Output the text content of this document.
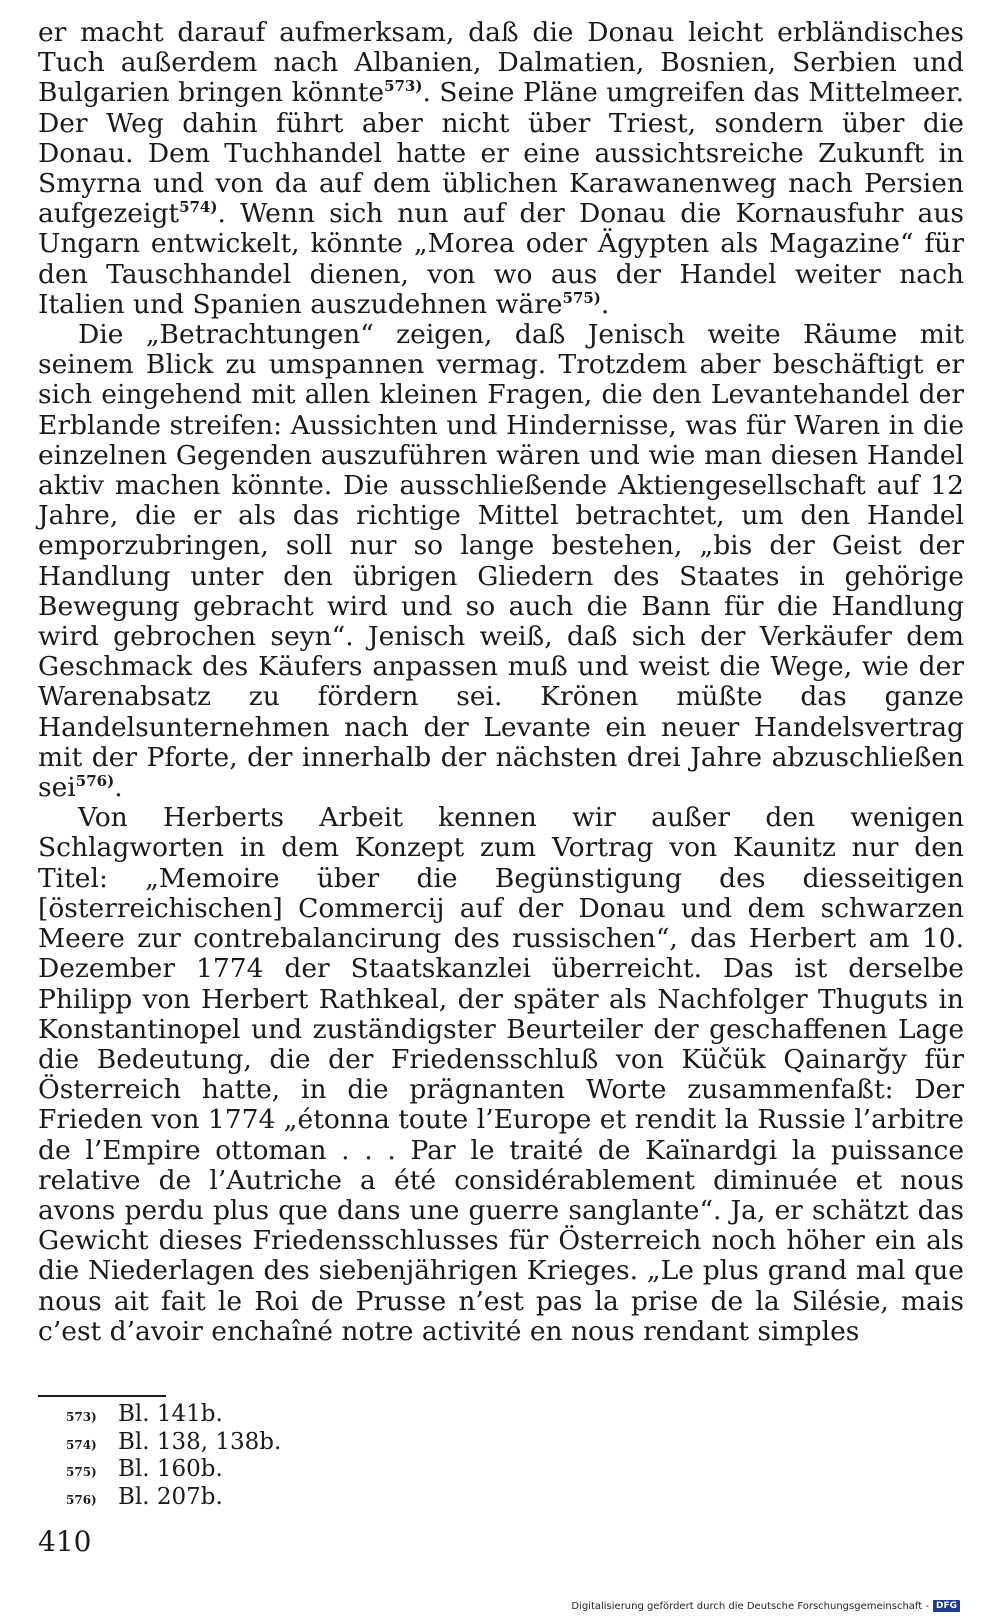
er macht darauf aufmerksam, daß die Donau leicht erbländisches Tuch außerdem nach Albanien, Dalmatien, Bosnien, Serbien und Bulgarien bringen könnte$^{573)}$. Seine Pläne umgreifen das Mittelmeer. Der Weg dahin führt aber nicht über Triest, sondern über die Donau. Dem Tuchhandel hatte er eine aussichtsreiche Zukunft in Smyrna und von da auf dem üblichen Karawanenweg nach Persien aufgezeigt$^{574)}$. Wenn sich nun auf der Donau die Kornausfuhr aus Ungarn entwickelt, könnte „Morea oder Ägypten als Magazine“ für den Tauschhandel dienen, von wo aus der Handel weiter nach Italien und Spanien auszudehnen wäre$^{575)}$.

Die „Betrachtungen“ zeigen, daß Jenisch weite Räume mit seinem Blick zu umspannen vermag. Trotzdem aber beschäftigt er sich eingehend mit allen kleinen Fragen, die den Levantehandel der Erblande streifen: Aussichten und Hindernisse, was für Waren in die einzelnen Gegenden auszuführen wären und wie man diesen Handel aktiv machen könnte. Die ausschließende Aktiengesellschaft auf 12 Jahre, die er als das richtige Mittel betrachtet, um den Handel emporzubringen, soll nur so lange bestehen, „bis der Geist der Handlung unter den übrigen Gliedern des Staates in gehörige Bewegung gebracht wird und so auch die Bann für die Handlung wird gebrochen seyn“. Jenisch weiß, daß sich der Verkäufer dem Geschmack des Käufers anpassen muß und weist die Wege, wie der Warenabsatz zu fördern sei. Krönen müßte das ganze Handelsunternehmen nach der Levante ein neuer Handelsvertrag mit der Pforte, der innerhalb der nächsten drei Jahre abzuschließen sei$^{576)}$.

Von Herberts Arbeit kennen wir außer den wenigen Schlagworten in dem Konzept zum Vortrag von Kaunitz nur den Titel: „Memoire über die Begünstigung des diesseitigen [österreichischen] Commercij auf der Donau und dem schwarzen Meere zur contrebalancirung des russischen“, das Herbert am 10. Dezember 1774 der Staatskanzlei überreicht. Das ist derselbe Philipp von Herbert Rathkeal, der später als Nachfolger Thuguts in Konstantinopel und zuständigster Beurteiler der geschaffenen Lage die Bedeutung, die der Friedensschluß von Küčük Qainarğy für Österreich hatte, in die prägnanten Worte zusammenfaßt: Der Frieden von 1774 „étonna toute l’Europe et rendit la Russie l’arbitre de l’Empire ottoman . . . Par le traité de Kaïnardgi la puissance relative de l’Autriche a été considérablement diminuée et nous avons perdu plus que dans une guerre sanglante“. Ja, er schätzt das Gewicht dieses Friedensschlusses für Österreich noch höher ein als die Niederlagen des siebenjährigen Krieges. „Le plus grand mal que nous ait fait le Roi de Prusse n’est pas la prise de la Silésie, mais c’est d’avoir enchaîné notre activité en nous rendant simples

573) Bl. 141b.
574) Bl. 138, 138b.
575) Bl. 160b.
576) Bl. 207b.
410
Digitalisierung gefördert durch die Deutsche Forschungsgemeinschaft - DFG
